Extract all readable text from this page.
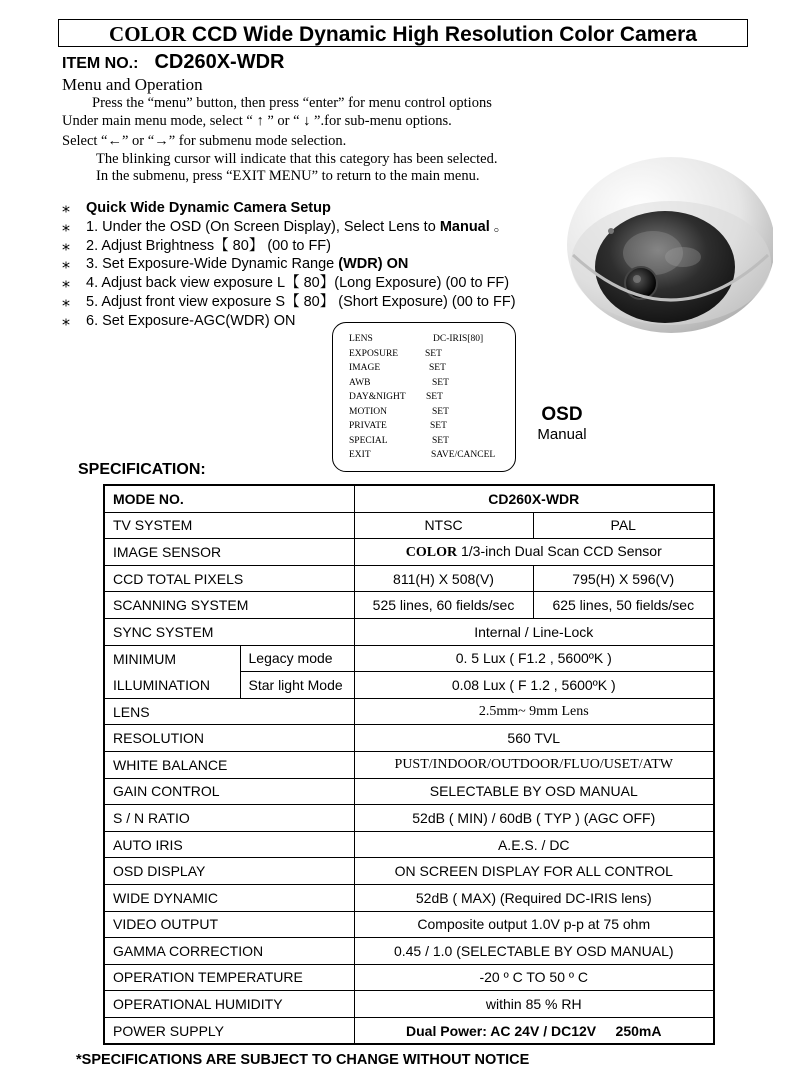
COLOR CCD Wide Dynamic High Resolution Color Camera
ITEM NO.: CD260X-WDR
Menu and Operation
Press the “menu” button, then press “enter” for menu control options
Under main menu mode, select “ ↑ ” or “ ↓ ”.for sub-menu options.
Select “←” or “→” for submenu mode selection.
The blinking cursor will indicate that this category has been selected.
In the submenu, press “EXIT MENU” to return to the main menu.
⁎ Quick Wide Dynamic Camera Setup
⁎ 1. Under the OSD (On Screen Display), Select Lens to Manual 。
⁎ 2. Adjust Brightness【 80】 (00 to FF)
⁎ 3. Set Exposure-Wide Dynamic Range (WDR) ON
⁎ 4. Adjust back view exposure L【 80】(Long Exposure) (00 to FF)
⁎ 5. Adjust front view exposure S【 80】 (Short Exposure) (00 to FF)
⁎ 6. Set Exposure-AGC(WDR) ON
LENS	DC-IRIS[80]
EXPOSURE	SET
IMAGE	SET
AWB	SET
DAY&NIGHT SET
MOTION	SET
PRIVATE	SET
SPECIAL	SET
EXIT	SAVE/CANCEL
OSD
Manual
SPECIFICATION:
MODE NO.		CD260X-WDR	
TV SYSTEM		NTSC	PAL
IMAGE SENSOR		COLOR 1/3-inch Dual Scan CCD Sensor	
CCD TOTAL PIXELS		811(H) X 508(V)	795(H) X 596(V)
SCANNING SYSTEM		525 lines, 60 fields/sec	625 lines, 50 fields/sec
SYNC SYSTEM		Internal / Line-Lock	

MINIMUM
ILLUMINATION	Legacy mode	0. 5 Lux ( F1.2 , 5600ºK )	
	Star light Mode	0.08 Lux ( F 1.2 , 5600ºK )	
LENS		2.5mm~ 9mm Lens	
RESOLUTION		560 TVL	
WHITE BALANCE		PUST/INDOOR/OUTDOOR/FLUO/USET/ATW	
GAIN CONTROL		SELECTABLE BY OSD MANUAL	
S / N RATIO		52dB ( MIN) / 60dB ( TYP ) (AGC OFF)	
AUTO IRIS		A.E.S. / DC	
OSD DISPLAY		ON SCREEN DISPLAY FOR ALL CONTROL	
WIDE DYNAMIC		52dB ( MAX) (Required DC-IRIS lens)	
VIDEO OUTPUT		Composite output 1.0V p-p at 75 ohm	
GAMMA CORRECTION		0.45 / 1.0 (SELECTABLE BY OSD MANUAL)	
OPERATION TEMPERATURE		-20 º C TO 50 º C	
OPERATIONAL HUMIDITY		within 85 % RH	
POWER SUPPLY		Dual Power: AC 24V / DC12V     250mA	
*SPECIFICATIONS ARE SUBJECT TO CHANGE WITHOUT NOTICE
